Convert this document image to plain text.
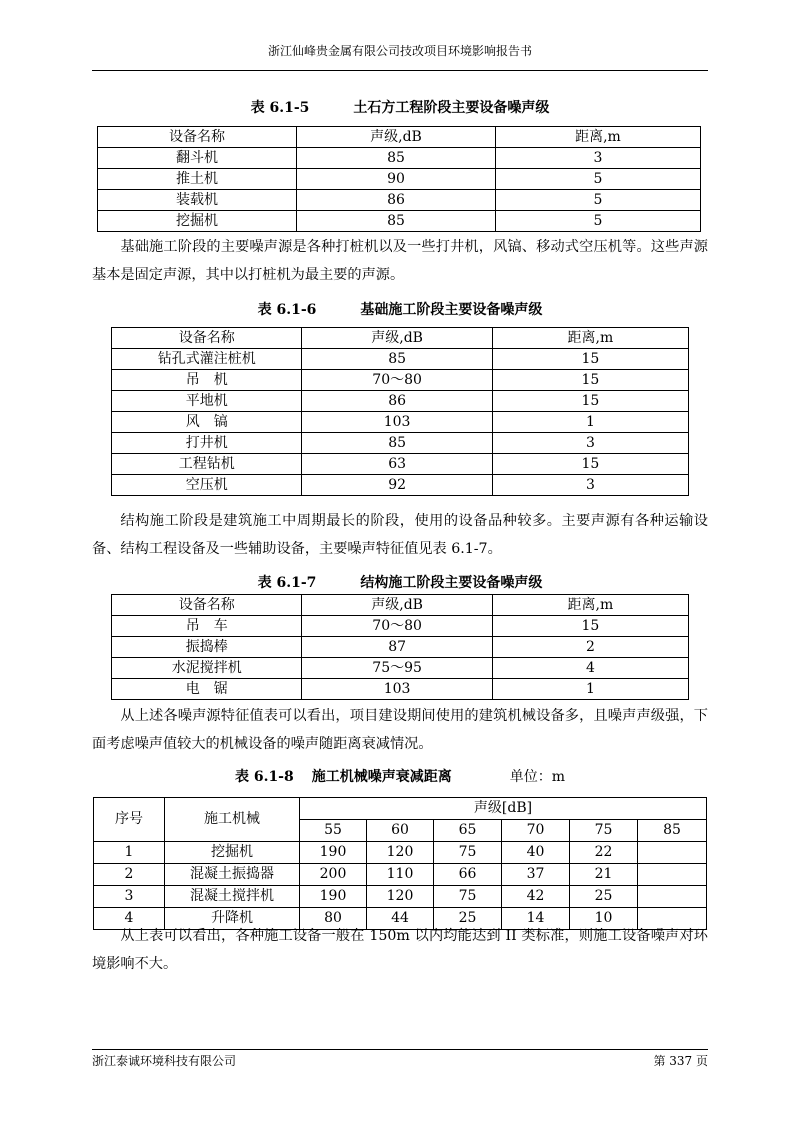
浙江仙峰贵金属有限公司技改项目环境影响报告书
表 6.1-5	土石方工程阶段主要设备噪声级
设备名称	声级,dB	距离,m
翻斗机	85	3
推土机	90	5
装载机	86	5
挖掘机	85	5
基础施工阶段的主要噪声源是各种打桩机以及一些打井机，风镐、移动式空压机等。这些声源基本是固定声源，其中以打桩机为最主要的声源。
表 6.1-6	基础施工阶段主要设备噪声级
设备名称	声级,dB	距离,m
钻孔式灌注桩机	85	15
吊　机	70～80	15
平地机	86	15
风　镐	103	1
打井机	85	3
工程钻机	63	15
空压机	92	3
结构施工阶段是建筑施工中周期最长的阶段，使用的设备品种较多。主要声源有各种运输设备、结构工程设备及一些辅助设备，主要噪声特征值见表 6.1-7。
表 6.1-7	结构施工阶段主要设备噪声级
设备名称	声级,dB	距离,m
吊　车	70～80	15
振捣棒	87	2
水泥搅拌机	75～95	4
电　锯	103	1
从上述各噪声源特征值表可以看出，项目建设期间使用的建筑机械设备多，且噪声声级强，下面考虑噪声值较大的机械设备的噪声随距离衰减情况。
表 6.1-8 施工机械噪声衰减距离	单位：m
序号	施工机械	声级[dB]					
		55	60	65	70	75	85
1	挖掘机	190	120	75	40	22	
2	混凝土振捣器	200	110	66	37	21	
3	混凝土搅拌机	190	120	75	42	25	
4	升降机	80	44	25	14	10	
从上表可以看出，各种施工设备一般在 150m 以内均能达到 II 类标准，则施工设备噪声对环境影响不大。
浙江泰诚环境科技有限公司	第 337 页
